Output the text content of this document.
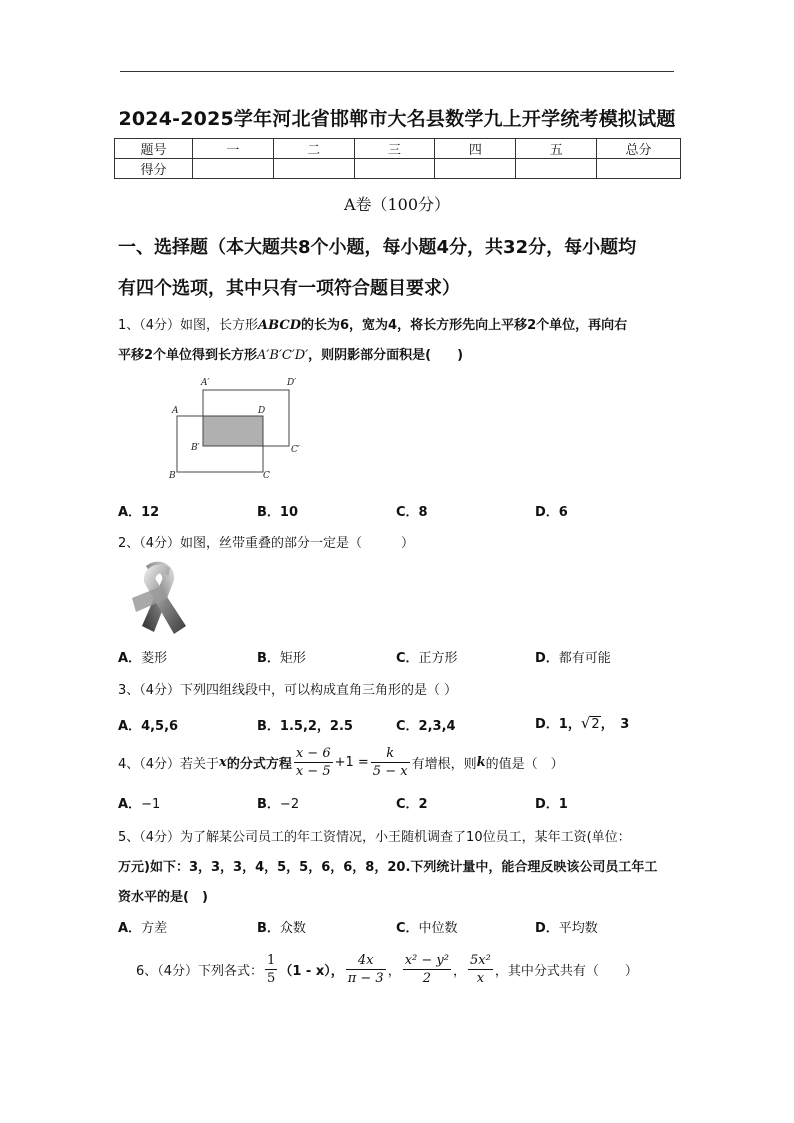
2024-2025学年河北省邯郸市大名县数学九上开学统考模拟试题
题号	一	二	三	四	五	总分
得分						
A卷（100分）
一、选择题（本大题共8个小题，每小题4分，共32分，每小题均
有四个选项，其中只有一项符合题目要求）
1、（4分）如图，长方形ABCD的长为6，宽为4，将长方形先向上平移2个单位，再向右
平移2个单位得到长方形A′B′C′D′，则阴影部分面积是(　　)
A
B	C
D
A′
B′	C′
D′
A．12	B．10	C．8	D．6
2、（4分）如图，丝带重叠的部分一定是（　　　）
A．菱形	B．矩形	C．正方形	D．都有可能
3、（4分）下列四组线段中，可以构成直角三角形的是（ ）
A．4,5,6	B．1.5,2，2.5	C．2,3,4	D．1，√2，　3
4、（4分）若关于x的分式方程 $\frac{x - 6}{x - 5} +1 = \frac{k}{5 - x}$ 有增根，则k的值是（　）
A．−1	B．−2	C．2	D．1
5、（4分）为了解某公司员工的年工资情况，小王随机调查了10位员工，某年工资(单位：
万元)如下：3，3，3，4，5，5，6，6，8，20.下列统计量中，能合理反映该公司员工年工
资水平的是(　)
A．方差	B．众数	C．中位数	D．平均数
6、（4分）下列各式： $\frac{1}{5} (1 - x)$， $\frac{4x}{\pi - 3}$ ， $\frac{\text{x² − y²}}{2}$ ， $\frac{\text{5x²}}{x}$ ，其中分式共有（　　）
